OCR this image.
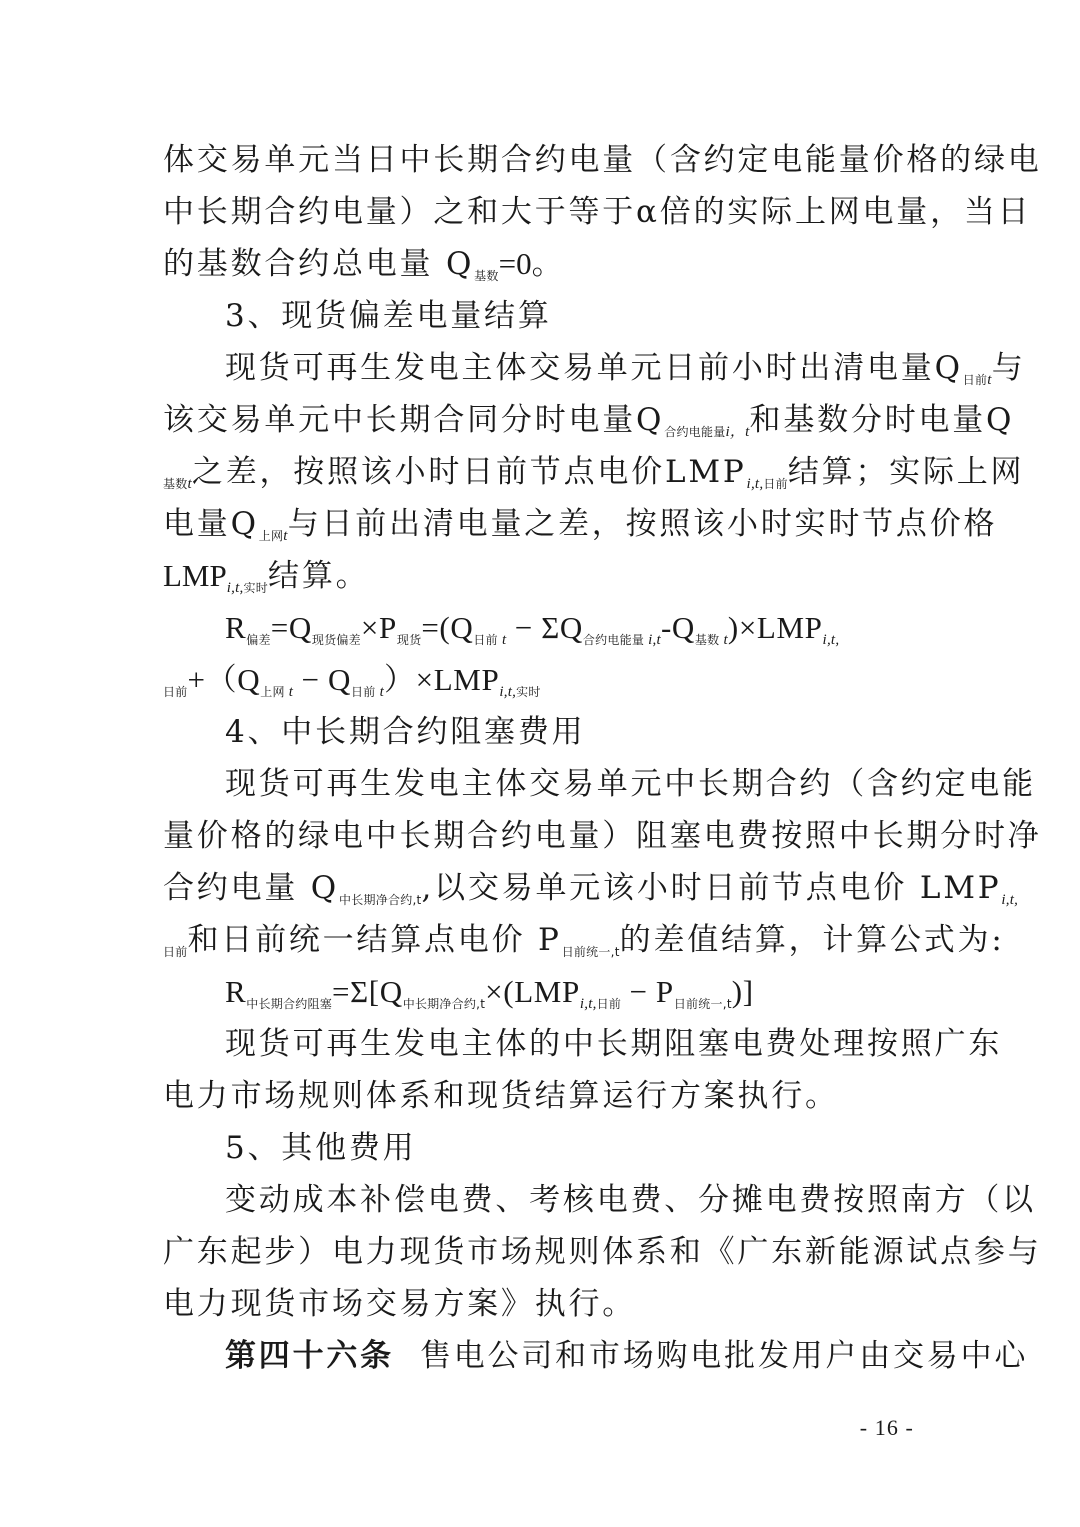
体交易单元当日中长期合约电量（含约定电能量价格的绿电
中长期合约电量）之和大于等于α倍的实际上网电量，当日
的基数合约总电量 $Q_{基数}=0$。
3、现货偏差电量结算
现货可再生发电主体交易单元日前小时出清电量$Q_{日前t}$与
该交易单元中长期合同分时电量$Q_{合约电能量i,t}$和基数分时电量Q
$_{基数t}$之差，按照该小时日前节点电价$LMP_{i,t,日前}$结算；实际上网
电量$Q_{上网t}$与日前出清电量之差，按照该小时实时节点价格
$LMP_{i,t,实时}$结算。
$R_{偏差}=Q_{现货偏差}\times P_{现货}=(Q_{日前 t} - \Sigma Q_{合约电能量 i,t}-Q_{基数 t})\times LMP_{i,t,}$
$_{日前}+(Q_{上网 t} - Q_{日前 t})\times LMP_{i,t,实时}$
4、中长期合约阻塞费用
现货可再生发电主体交易单元中长期合约（含约定电能
量价格的绿电中长期合约电量）阻塞电费按照中长期分时净
合约电量 $Q_{中长期净合约,t}$,以交易单元该小时日前节点电价 $LMP_{i,t,}$
$_{日前}$和日前统一结算点电价 $P_{日前统一,t}$的差值结算，计算公式为:
$R_{中长期合约阻塞}=\Sigma[Q_{中长期净合约,t}\times(LMP_{i,t,日前} - P_{日前统一,t})]$
现货可再生发电主体的中长期阻塞电费处理按照广东
电力市场规则体系和现货结算运行方案执行。
5、其他费用
变动成本补偿电费、考核电费、分摊电费按照南方（以
广东起步）电力现货市场规则体系和《广东新能源试点参与
电力现货市场交易方案》执行。
第四十六条 售电公司和市场购电批发用户由交易中心
- 16 -
